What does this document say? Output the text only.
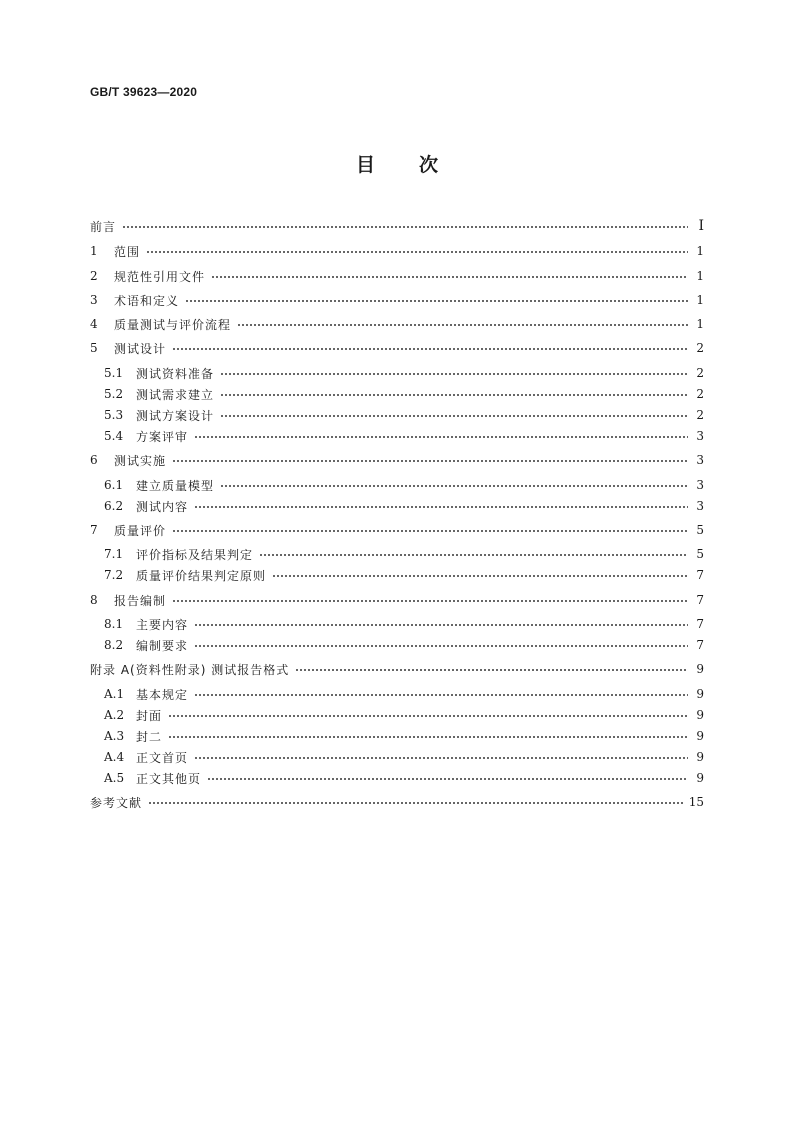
GB/T 39623—2020
目 次
前言	Ⅰ
1	范围	1
2	规范性引用文件	1
3	术语和定义	1
4	质量测试与评价流程	1
5	测试设计	2
5.1	测试资料准备	2
5.2	测试需求建立	2
5.3	测试方案设计	2
5.4	方案评审	3
6	测试实施	3
6.1	建立质量模型	3
6.2	测试内容	3
7	质量评价	5
7.1	评价指标及结果判定	5
7.2	质量评价结果判定原则	7
8	报告编制	7
8.1	主要内容	7
8.2	编制要求	7
附录 A(资料性附录) 测试报告格式	9
A.1 基本规定	9
A.2 封面	9
A.3 封二	9
A.4 正文首页	9
A.5 正文其他页	9
参考文献	15
